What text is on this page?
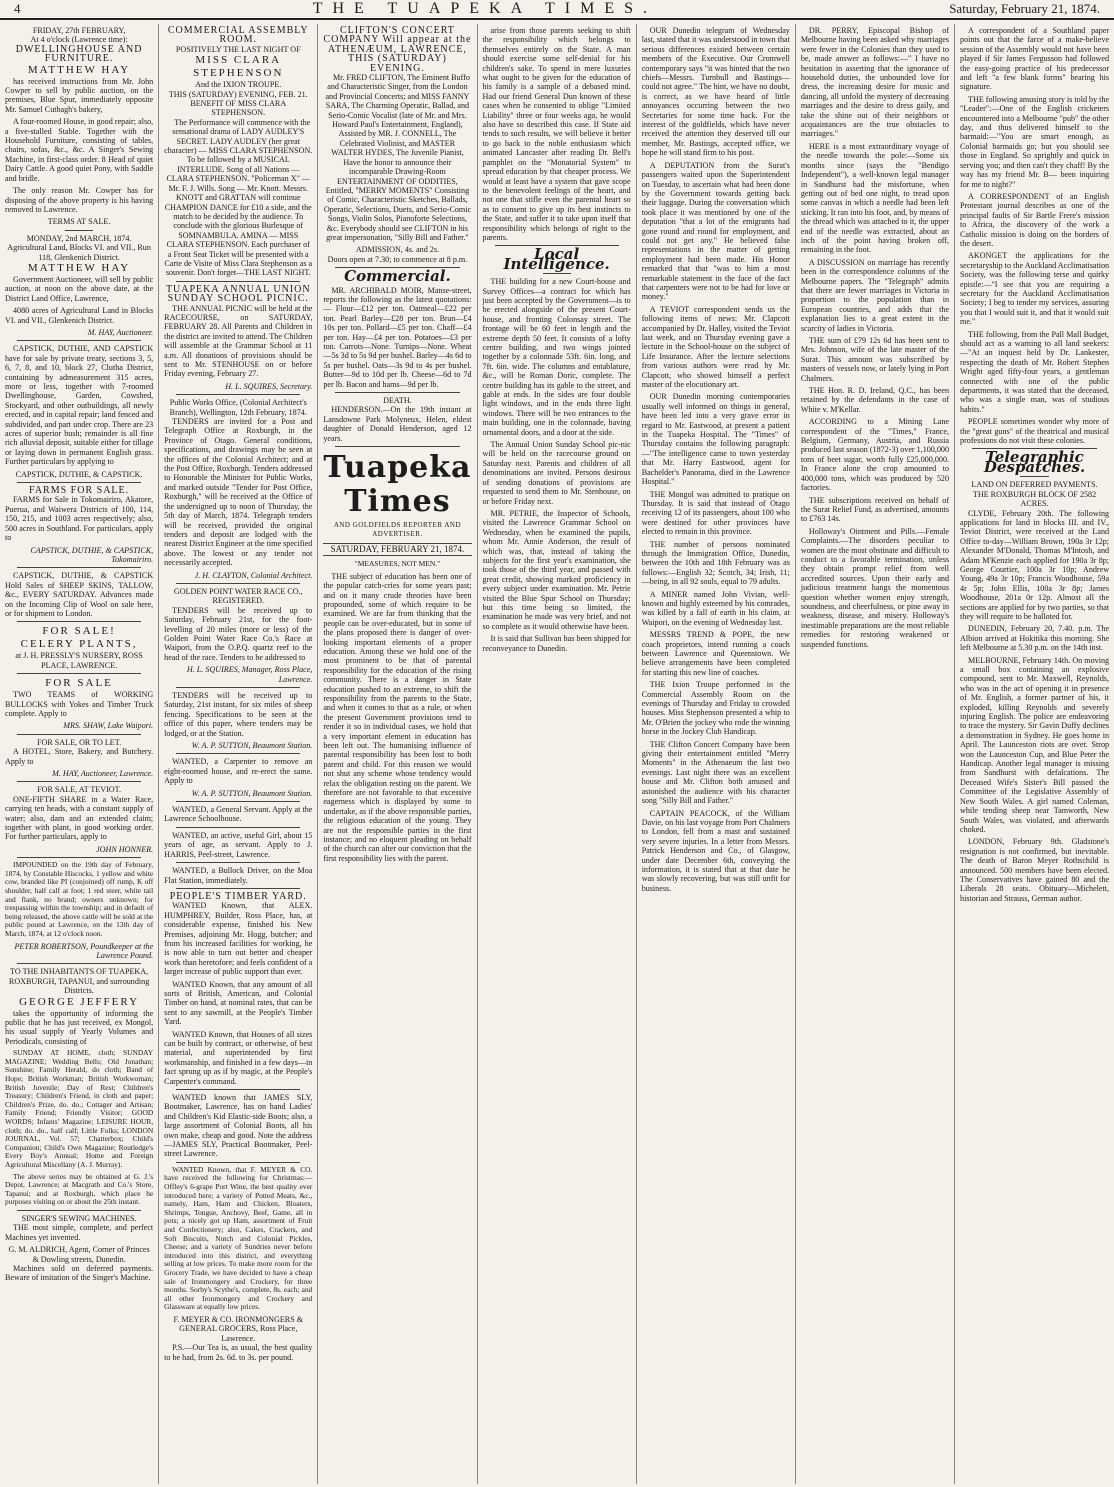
4	THE TUAPEKA TIMES.	Saturday, February 21, 1874.
FRIDAY, 27th FEBRUARY,
At 4 o'clock (Lawrence time):
DWELLINGHOUSE AND FURNITURE.
MATTHEW HAY
has received instructions from Mr. John Cowper to sell by public auction, on the premises, Blue Spur, immediately opposite Mr. Samuel Cutbagh's bakery,
A four-roomed House, in good repair; also, a five-stalled Stable. Together with the Household Furniture, consisting of tables, chairs, sofas, &c., &c. A Singer's Sewing Machine, in first-class order. 8 Head of quiet Dairy Cattle. A good quiet Pony, with Saddle and bridle.
The only reason Mr. Cowper has for disposing of the above property is his having removed to Lawrence.
TERMS AT SALE.
MONDAY, 2nd MARCH, 1874.
Agricultural Land, Blocks VI. and VII., Run 118, Glenkenich District.
MATTHEW HAY
Government Auctioneer, will sell by public auction, at noon on the above date, at the District Land Office, Lawrence,
4080 acres of Agricultural Land in Blocks VI. and VII., Glenkenich District.
M. HAY, Auctioneer.
CAPSTICK, DUTHIE, AND CAPSTICK have for sale by private treaty, sections 3, 5, 6, 7, 8, and 10, block 27, Clutha District, containing by admeasurement 315 acres, more or less, together with 7-roomed Dwellinghouse, Garden, Cowshed, Stockyard, and other outbuildings, all newly erected, and in capital repair; land fenced and subdivided, and part under crop. There are 23 acres of superior bush; remainder is all fine rich alluvial deposit, suitable either for tillage or laying down in permanent English grass. Further particulars by applying to
CAPSTICK, DUTHIE, & CAPSTICK.
FARMS FOR SALE.
FARMS for Sale in Tokomairiro, Akatore, Puerua, and Waiwera Districts of 100, 114, 150, 215, and 1003 acres respectively; also, 500 acres in Southland. For particulars, apply to
CAPSTICK, DUTHIE, & CAPSTICK, Tokomairiro.
CAPSTICK, DUTHIE, & CAPSTICK Hold Sales of SHEEP SKINS, TALLOW, &c., EVERY SATURDAY. Advances made on the Incoming Clip of Wool on sale here, or for shipment to London.
FOR SALE!
CELERY PLANTS,
at J. H. PRESSLY'S NURSERY, ROSS PLACE, LAWRENCE.
FOR SALE
TWO TEAMS of WORKING BULLOCKS with Yokes and Timber Truck complete. Apply to
MRS. SHAW, Lake Waipori.
FOR SALE, OR TO LET.
A HOTEL, Store, Bakery, and Butchery. Apply to
M. HAY, Auctioneer, Lawrence.
FOR SALE, AT TEVIOT.
ONE-FIFTH SHARE in a Water Race, carrying ten heads, with a constant supply of water; also, dam and an extended claim; together with plant, in good working order. For further particulars, apply to
JOHN HONNER.
IMPOUNDED on the 19th day of February, 1874, by Constable Hiscocks, 1 yellow and white cow, branded like PI (conjoined) off rump, K off shoulder, half calf at foot; 1 red steer, white tail and flank, no brand; owners unknown; for trespassing within the township; and in default of being released, the above cattle will be sold at the public pound at Lawrence, on the 13th day of March, 1874, at 12 o'clock noon.
PETER ROBERTSON, Poundkeeper at the Lawrence Pound.
TO THE INHABITANTS OF TUAPEKA, ROXBURGH, TAPANUI, and surrounding Districts.
GEORGE JEFFERY
takes the opportunity of informing the public that he has just received, ex Mongol, his usual supply of Yearly Volumes and Periodicals, consisting of
SUNDAY AT HOME, cloth; SUNDAY MAGAZINE; Wedding Bells; Old Jonathan; Sunshine; Family Herald, do cloth; Band of Hope; British Workman; British Workwoman; British Juvenile; Day of Rest; Children's Treasury; Children's Friend, in cloth and paper; Children's Prize, do. do.; Cottager and Artisan; Family Friend; Friendly Visitor; GOOD WORDS; Infants' Magazine; LEISURE HOUR, cloth; do. do., half calf; Little Folks; LONDON JOURNAL, Vol. 57; Chatterbox; Child's Companion; Child's Own Magazine; Routledge's Every Boy's Annual; Home and Foreign Agricultural Miscellany (A. J. Murray).
The above series may be obtained at G. J.'s Depot, Lawrence; at Macgrath and Co.'s Store, Tapanui; and at Roxburgh, which place he purposes visiting on or about the 25th instant.
SINGER'S SEWING MACHINES.
THE most simple, complete, and perfect Machines yet invented.
G. M. ALDRICH, Agent, Corner of Princes & Dowling streets, Dunedin.
Machines sold on deferred payments. Beware of imitation of the Singer's Machine.
COMMERCIAL ASSEMBLY ROOM.
POSITIVELY THE LAST NIGHT OF
MISS CLARA STEPHENSON
And the IXION TROUPE.
THIS (SATURDAY) EVENING, FEB. 21.
BENEFIT OF MISS CLARA STEPHENSON.
The Performance will commence with the sensational drama of LADY AUDLEY'S SECRET. LADY AUDLEY (her great character) — MISS CLARA STEPHENSON. To be followed by a MUSICAL INTERLUDE. Song of all Nations — CLARA STEPHENSON. "Policeman X" — Mr. F. J. Wills. Song — Mr. Knott. Messrs. KNOTT and GRATTAN will continue CHAMPION DANCE for £10 a side, and the match to be decided by the audience. To conclude with the glorious Burlesque of SOMNAMBULA. AMINA — MISS CLARA STEPHENSON. Each purchaser of a Front Seat Ticket will be presented with a Carte de Visite of Miss Clara Stephenson as a souvenir. Don't forget—THE LAST NIGHT.
TUAPEKA ANNUAL UNION SUNDAY SCHOOL PICNIC.
THE ANNUAL PICNIC will be held at the RACECOURSE, on SATURDAY, FEBRUARY 28. All Parents and Children in the district are invited to attend. The Children will assemble at the Grammar School at 11 a.m. All donations of provisions should be sent to Mr. STENHOUSE on or before Friday evening, February 27.
H. L. SQUIRES, Secretary.
Public Works Office, (Colonial Architect's Branch), Wellington, 12th February, 1874.
TENDERS are invited for a Post and Telegraph Office at Roxburgh, in the Province of Otago. General conditions, specifications, and drawings may be seen at the offices of the Colonial Architect; and at the Post Office, Roxburgh. Tenders addressed to Honorable the Minister for Public Works, and marked outside "Tender for Post Office, Roxburgh," will be received at the Office of the undersigned up to noon of Thursday, the 5th day of March, 1874. Telegraph tenders will be received, provided the original tenders and deposit are lodged with the nearest District Engineer at the time specified above. The lowest or any tender not necessarily accepted.
J. H. CLAYTON, Colonial Architect.
GOLDEN POINT WATER RACE CO., REGISTERED.
TENDERS will be received up to Saturday, February 21st, for the foot-levelling of 20 miles (more or less) of the Golden Point Water Race Co.'s Race at Waipori, from the O.P.Q. quartz reef to the head of the race. Tenders to be addressed to
H. L. SQUIRES, Manager, Ross Place, Lawrence.
TENDERS will be received up to Saturday, 21st instant, for six miles of sheep fencing. Specifications to be seen at the office of this paper, where tenders may be lodged, or at the Station.
W. A. P. SUTTON, Beaumont Station.
WANTED, a Carpenter to remove an eight-roomed house, and re-erect the same. Apply to
W. A. P. SUTTON, Beaumont Station.
WANTED, a General Servant. Apply at the Lawrence Schoolhouse.
WANTED, an active, useful Girl, about 15 years of age, as servant. Apply to J. HARRIS, Peel-street, Lawrence.
WANTED, a Bullock Driver, on the Moa Flat Station, immediately.
PEOPLE'S TIMBER YARD.
WANTED Known, that ALEX. HUMPHREY, Builder, Ross Place, has, at considerable expense, finished his New Premises, adjoining Mr. Hogg, butcher; and from his increased facilities for working, he is now able to turn out better and cheaper work than heretofore; and feels confident of a larger increase of public support than ever.
WANTED Known, that any amount of all sorts of British, American, and Colonial Timber on hand, at nominal rates, that can be sent to any sawmill, at the People's Timber Yard.
WANTED Known, that Houses of all sizes can be built by contract, or otherwise, of best material, and superintended by first workmanship, and finished in a few days—in fact sprung up as if by magic, at the People's Carpenter's command.
WANTED known that JAMES SLY, Bootmaker, Lawrence, has on hand Ladies' and Children's Kid Elastic-side Boots; also, a large assortment of Colonial Boots, all his own make, cheap and good. Note the address—JAMES SLY, Practical Bootmaker, Peel-street Lawrence.
WANTED Known, that F. MEYER & CO. have received the following for Christmas:—Offley's 6-grape Port Wine, the best quality ever introduced here; a variety of Potted Meats, &c., namely, Ham, Ham and Chicken, Bloaters, Shrimps, Tongue, Anchovy, Beef, Game, all in pots; a nicely got up Ham, assortment of Fruit and Confectionery; also, Cakes, Crackers, and Soft Biscuits, Nutch and Colonial Pickles, Cheese; and a variety of Sundries never before introduced into this district, and everything selling at low prices. To make more room for the Grocery Trade, we have decided to have a cheap sale of Ironmongery and Crockery, for three months. Sorby's Scythe's, complete, 8s. each; and all other Ironmongery and Crockery and Glassware at equally low prices.
F. MEYER & CO. IRONMONGERS & GENERAL GROCERS, Ross Place, Lawrence.
P.S.—Our Tea is, as usual, the best quality to be had, from 2s. 6d. to 3s. per pound.
CLIFTON'S CONCERT COMPANY Will appear at the ATHENÆUM, LAWRENCE, THIS (SATURDAY) EVENING.
Mr. FRED CLIFTON, The Eminent Buffo and Characteristic Singer, from the London and Provincial Concerts; and MISS FANNY SARA, The Charming Operatic, Ballad, and Serio-Comic Vocalist (late of Mr. and Mrs. Howard Paul's Entertainment, England), Assisted by MR. J. CONNELL, The Celebrated Violinist, and MASTER WALTER HYDES, The Juvenile Pianist, Have the honor to announce their incomparable Drawing-Room ENTERTAINMENT OF ODDITIES, Entitled, "MERRY MOMENTS" Consisting of Comic, Characteristic Sketches, Ballads, Operatic, Selections, Duets, and Serio-Comic Songs, Violin Solos, Pianoforte Selections, &c. Everybody should see CLIFTON in his great impersonation, "Silly Bill and Father."
ADMISSION, 4s. and 2s.
Doors open at 7.30; to commence at 8 p.m.
Commercial.
MR. ARCHIBALD MOIR, Manse-street, reports the following as the latest quotations:— Flour—£12 per ton. Oatmeal—£22 per ton. Pearl Barley—£28 per ton. Bran—£4 10s per ton. Pollard—£5 per ton. Chaff—£4 per ton. Hay—£4 per ton. Potatoes—£3 per ton. Carrots—None. Turnips—None. Wheat—5s 3d to 5s 9d per bushel. Barley—4s 6d to 5s per bushel. Oats—3s 9d to 4s per bushel. Butter—9d to 10d per lb. Cheese—6d to 7d per lb. Bacon and hams—9d per lb.
DEATH.
HENDERSON.—On the 19th instant at Lansdowne Park Molyneux, Helen, eldest daughter of Donald Henderson, aged 12 years.
Tuapeka Times
AND GOLDFIELDS REPORTER AND ADVERTISER.
SATURDAY, FEBRUARY 21, 1874.
"MEASURES, NOT MEN."
THE subject of education has been one of the popular catch-cries for some years past; and on it many crude theories have been propounded, some of which require to be examined. We are far from thinking that the people can be over-educated, but in some of the plans proposed there is danger of over-looking important elements of a proper education. Among these we hold one of the most prominent to be that of parental responsibility for the education of the rising community. There is a danger in State education pushed to an extreme, to shift the responsibility from the parents to the State, and when it comes to that as a rule, or when the present Government provisions tend to render it so in individual cases, we hold that a very important element in education has been left out. The humanising influence of parental responsibility has been lost to both parent and child. For this reason we would not shut any scheme whose tendency would relax the obligation resting on the parent. We therefore are not favorable to that excessive eagerness which is displayed by some to undertake, as if the above responsible parties, the religious education of the young. They are not the responsible parties in the first instance; and no eloquent pleading on behalf of the church can alter our conviction that the first responsibility lies with the parent.
arise from those parents seeking to shift the responsibility which belongs to themselves entirely on the State. A man should exercise some self-denial for his children's sake. To spend in mere luxuries what ought to be given for the education of his family is a sample of a debased mind. Had our friend General Dun known of these cases when he consented to oblige "Limited Liability" three or four weeks ago, he would also have so described this case. If State aid tends to such results, we will believe it better to go back to the noble enthusiasm which animated Lancaster after reading Dr. Bell's pamphlet on the "Monatorial System" to spread education by that cheaper process. We would at least have a system that gave scope to the benevolent feelings of the heart, and not one that stifle even the parental heart so as to consent to give up its best instincts to the State, and suffer it to take upon itself that responsibility which belongs of right to the parents.
Local Intelligence.
THE building for a new Court-house and Survey Offices—a contract for which has just been accepted by the Government—is to be erected alongside of the present Court-house, and fronting Colonsay street. The frontage will be 60 feet in length and the extreme depth 50 feet. It consists of a lofty centre building, and two wings jointed together by a colonnade 53ft. 6in. long, and 7ft. 6in. wide. The columns and entablature, &c., will be Roman Doric, complete. The centre building has its gable to the street, and gable at ends. In the sides are four double light windows, and in the ends three light windows. There will be two entrances to the main building, one in the colonnade, having ornamental doors, and a door at the side.
The Annual Union Sunday School pic-nic will be held on the racecourse ground on Saturday next. Parents and children of all denominations are invited. Persons desirous of sending donations of provisions are requested to send them to Mr. Stenhouse, on or before Friday next.
MR. PETRIE, the Inspector of Schools, visited the Lawrence Grammar School on Wednesday, when he examined the pupils, whom Mr. Annie Anderson, the result of which was, that, instead of taking the subjects for the first year's examination, she took those of the third year, and passed with great credit, showing marked proficiency in every subject under examination. Mr. Petrie visited the Blue Spur School on Thursday; but this time being so limited, the examination he made was very brief, and not so complete as it would otherwise have been.
It is said that Sullivan has been shipped for reconveyance to Dunedin.
OUR Dunedin telegram of Wednesday last, stated that it was understood in town that serious differences existed between certain members of the Executive. Our Cromwell contemporary says "it was hinted that the two chiefs—Messrs. Turnbull and Bastings—could not agree." The hint, we have no doubt, is correct, as we have heard of little annoyances occurring between the two Secretaries for some time back. For the interest of the goldfields, which have never received the attention they deserved till our member, Mr. Bastings, accepted office, we hope he will stand firm to his post.
A DEPUTATION from the Surat's passengers waited upon the Superintendent on Tuesday, to ascertain what had been done by the Government towards getting back their luggage. During the conversation which took place it was mentioned by one of the deputation "that a lot of the emigrants had gone round and round for employment, and could not get any." He believed false representations in the matter of getting employment had been made. His Honor remarked that that "was to him a most remarkable statement in the face of the fact that carpenters were not to be had for love or money."
A TEVIOT correspondent sends us the following items of news: Mr. Clapcott accompanied by Dr. Halley, visited the Teviot last week, and on Thursday evening gave a lecture in the School-house on the subject of Life Insurance. After the lecture selections from various authors were read by Mr. Clapcott, who showed himself a perfect master of the elocutionary art.
OUR Dunedin morning contemporaries usually well informed on things in general, have been led into a very grave error in regard to Mr. Eastwood, at present a patient in the Tuapeka Hospital. The "Times" of Thursday contains the following paragraph:—"The intelligence came to town yesterday that Mr. Harry Eastwood, agent for Bachelder's Panorama, died in the Lawrence Hospital."
THE Mongol was admitted to pratique on Thursday. It is said that instead of Otago receiving 12 of its passengers, about 100 who were destined for other provinces have elected to remain in this province.
THE number of persons nominated through the Immigration Office, Dunedin, between the 10th and 18th February was as follows:—English 32; Scotch, 34; Irish, 11;—being, in all 92 souls, equal to 79 adults.
A MINER named John Vivian, well-known and highly esteemed by his comrades, was killed by a fall of earth in his claim, at Waipori, on the evening of Wednesday last.
MESSRS TREND & POPE, the new coach proprietors, intend running a coach between Lawrence and Queenstown. We believe arrangements have been completed for starting this new line of coaches.
THE Ixion Troupe performed in the Commercial Assembly Room on the evenings of Thursday and Friday to crowded houses. Miss Stephenson presented a whip to Mr. O'Brien the jockey who rode the winning horse in the Jockey Club Handicap.
THE Clifton Concert Company have been giving their entertainment entitled "Merry Moments" in the Athenaeum the last two evenings. Last night there was an excellent house and Mr. Clifton both amused and astonished the audience with his character song "Silly Bill and Father."
CAPTAIN PEACOCK, of the William Davie, on his last voyage from Port Chalmers to London, fell from a mast and sustained very severe injuries. In a letter from Messrs. Patrick Henderson and Co., of Glasgow, under date December 6th, conveying the information, it is stated that at that date he was slowly recovering, but was still unfit for business.
DR. PERRY, Episcopal Bishop of Melbourne having been asked why marriages were fewer in the Colonies than they used to be, made answer as follows:—" I have no hesitation in asserting that the ignorance of household duties, the unbounded love for dress, the increasing desire for music and dancing, all unfold the mystery of decreasing marriages and the desire to dress gaily, and take the shine out of their neighbors or acquaintances are the true obstacles to marriages."
HERE is a most extraordinary voyage of the needle towards the pole:—Some six months since (says the "Bendigo Independent"), a well-known legal manager in Sandhurst had the misfortune, when getting out of bed one night, to tread upon some canvas in which a needle had been left sticking. It ran into his foot, and, by means of the thread which was attached to it, the upper end of the needle was extracted, about an inch of the point having broken off, remaining in the foot.
A DISCUSSION on marriage has recently been in the correspondence columns of the Melbourne papers. The "Telegraph" admits that there are fewer marriages in Victoria in proportion to the population than in European countries, and adds that the explanation lies to a great extent in the scarcity of ladies in Victoria.
THE sum of £79 12s 6d has been sent to Mrs. Johnson, wife of the late master of the Surat. This amount was subscribed by masters of vessels now, or lately lying in Port Chalmers.
THE Hon. R. D. Ireland, Q.C., has been retained by the defendants in the case of White v. M'Kellar.
ACCORDING to a Mining Lane correspondent of the "Times," France, Belgium, Germany, Austria, and Russia produced last season (1872-3) over 1,100,000 tons of beet sugar, worth fully £25,000,000. In France alone the crop amounted to 400,000 tons, which was produced by 520 factories.
THE subscriptions received on behalf of the Surat Relief Fund, as advertised, amounts to £763 14s.
Holloway's Ointment and Pills.—Female Complaints.—The disorders peculiar to women are the most obstinate and difficult to conduct to a favorable termination, unless they obtain prompt relief from well accredited sources. Upon their early and judicious treatment hangs the momentous question whether women enjoy strength, soundness, and cheerfulness, or pine away in weakness, disease, and misery. Holloway's inestimable preparations are the most reliable remedies for restoring weakened or suspended functions.
A correspondent of a Southland paper points out that the farce of a make-believe session of the Assembly would not have been played if Sir James Fergusson had followed the easy-going practice of his predecessor and left "a few blank forms" bearing his signature.
THE following amusing story is told by the "Leader":—One of the English cricketers encountered into a Melbourne "pub" the other day, and thus delivered himself to the barmaid:—"You are smart enough, as Colonial barmaids go; but you should see those in England. So sprightly and quick in serving you; and then can't they chaff! By the way has my friend Mr. B— been inquiring for me to night?"
A CORRESPONDENT of an English Protestant journal describes as one of the principal faults of Sir Bartle Frere's mission to Africa, the discovery of the work a Catholic mission is doing on the borders of the desert.
AKONGET the applications for the secretaryship to the Auckland Acclimatisation Society, was the following terse and quirky epistle:—"I see that you are requiring a secretary for the Auckland Acclimatisation Society; I beg to tender my services, assuring you that I would suit it, and that it would suit me."
THE following, from the Pall Mall Budget, should act as a warning to all land seekers:—"At an inquest held by Dr. Lankester, respecting the death of Mr. Robert Stephen Wright aged fifty-four years, a gentleman connected with one of the public departments, it was stated that the deceased, who was a single man, was of studious habits."
PEOPLE sometimes wonder why more of the "great guns" of the theatrical and musical professions do not visit these colonies.
Telegraphic Despatches.
LAND ON DEFERRED PAYMENTS.
THE ROXBURGH BLOCK OF 2582 ACRES.
CLYDE, February 20th. The following applications for land in blocks III. and IV., Teviot District, were received at the Land Office to-day—William Brown, 190a 3r 12p; Alexander M'Donald, Thomas M'Intosh, and Adam M'Kenzie each applied for 190a 3r 8p; George Courtier, 100a 3r 10p; Andrew Young, 49a 3r 10p; Francis Woodhouse, 59a 4r 5p; John Ellis, 100a 3r 8p; James Woodhouse, 201a 0r 12p. Almost all the sections are applied for by two parties, so that they will require to be balloted for.
DUNEDIN, February 20, 7.40. p.m. The Albion arrived at Hokitika this morning. She left Melbourne at 5.30 p.m. on the 14th inst.
MELBOURNE, February 14th. On moving a small box containing an explosive compound, sent to Mr. Maxwell, Reynolds, who was in the act of opening it in presence of Mr. English, a former partner of his, it exploded, killing Reynolds and severely injuring English. The police are endeavoring to trace the mystery. Sir Gavin Duffy declines a demonstration in Sydney. He goes home in April. The Launceston riots are over. Strop won the Launceston Cup, and Blue Peter the Handicap. Another legal manager is missing from Sandhurst with defalcations. The Deceased Wife's Sister's Bill passed the Committee of the Legislative Assembly of New South Wales. A girl named Coleman, while tending sheep near Tamworth, New South Wales, was violated, and afterwards choked.
LONDON, February 9th. Gladstone's resignation is not confirmed, but inevitable. The death of Baron Meyer Rothschild is announced. 500 members have been elected. The Conservatives have gained 80 and the Liberals 28 seats. Obituary—Michelett, historian and Strauss, German author.
